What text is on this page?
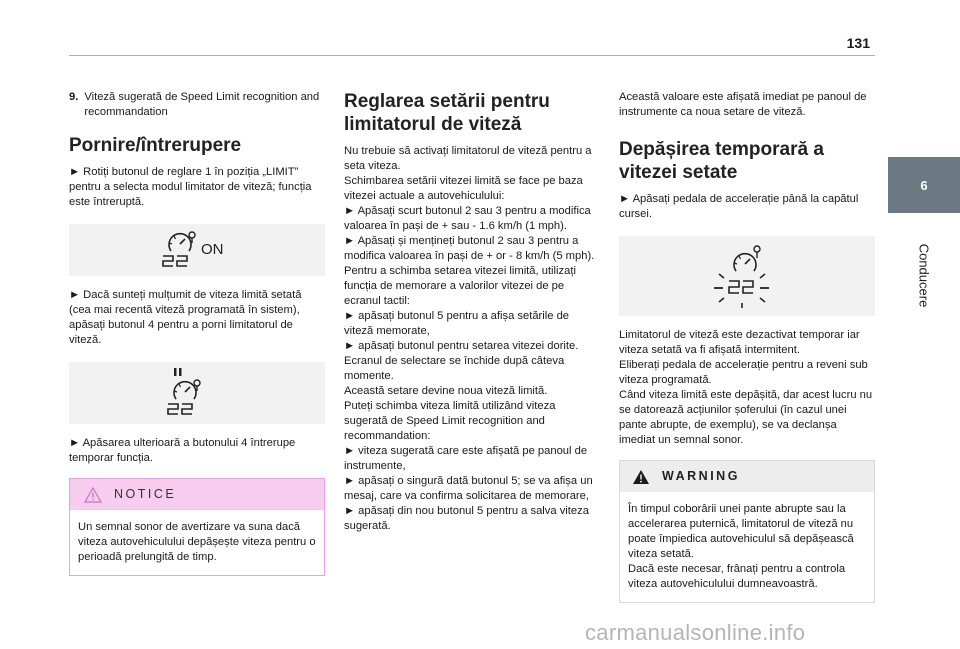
131
6
Conducere
9. Viteză sugerată de Speed Limit recognition and recommandation
Pornire/întrerupere

► Rotiți butonul de reglare 1 în poziția „LIMIT” pentru a selecta modul limitator de viteză; funcția este întreruptă.

ON

► Dacă sunteți mulțumit de viteza limită setată (cea mai recentă viteză programată în sistem), apăsați butonul 4 pentru a porni limitatorul de viteză.

► Apăsarea ulterioară a butonului 4 întrerupe temporar funcția.

NOTICE
Un semnal sonor de avertizare va suna dacă viteza autovehiculului depășește viteza pentru o perioadă prelungită de timp.
Reglarea setării pentru limitatorul de viteză

Nu trebuie să activați limitatorul de viteză pentru a seta viteza.

Schimbarea setării vitezei limită se face pe baza vitezei actuale a autovehiculului:

► Apăsați scurt butonul 2 sau 3 pentru a modifica valoarea în pași de + sau - 1.6 km/h (1 mph).

► Apăsați și mențineți butonul 2 sau 3 pentru a modifica valoarea în pași de + or - 8 km/h (5 mph).

Pentru a schimba setarea vitezei limită, utilizați funcția de memorare a valorilor vitezei de pe ecranul tactil:

► apăsați butonul 5 pentru a afișa setările de viteză memorate,

► apăsați butonul pentru setarea vitezei dorite.

Ecranul de selectare se închide după câteva momente.

Această setare devine noua viteză limită.

Puteți schimba viteza limită utilizând viteza sugerată de Speed Limit recognition and recommandation:

► viteza sugerată care este afișată pe panoul de instrumente,

► apăsați o singură dată butonul 5; se va afișa un mesaj, care va confirma solicitarea de memorare,

► apăsați din nou butonul 5 pentru a salva viteza sugerată.

Această valoare este afișată imediat pe panoul de instrumente ca noua setare de viteză.

Depășirea temporară a vitezei setate

► Apăsați pedala de accelerație până la capătul cursei.

Limitatorul de viteză este dezactivat temporar iar viteza setată va fi afișată intermitent.

Eliberați pedala de accelerație pentru a reveni sub viteza programată.

Când viteza limită este depășită, dar acest lucru nu se datorează acțiunilor șoferului (în cazul unei pante abrupte, de exemplu), se va declanșa imediat un semnal sonor.

WARNING
În timpul coborârii unei pante abrupte sau la accelerarea puternică, limitatorul de viteză nu poate împiedica autovehiculul să depășească viteza setată.
Dacă este necesar, frânați pentru a controla viteza autovehiculului dumneavoastră.
carmanualsonline.info
